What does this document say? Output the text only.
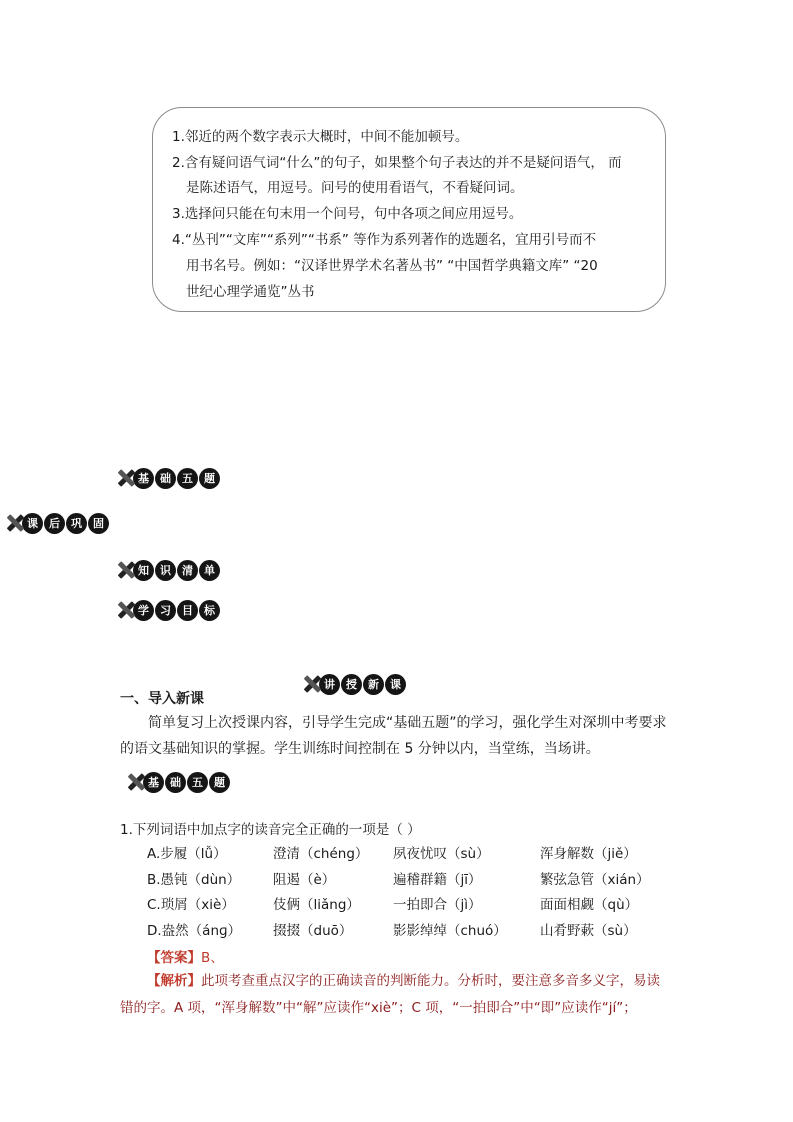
1.邻近的两个数字表示大概时，中间不能加顿号。
2.含有疑问语气词“什么”的句子，如果整个句子表达的并不是疑问语气， 而
是陈述语气，用逗号。问号的使用看语气，不看疑问词。
3.选择问只能在句末用一个问号，句中各项之间应用逗号。
4.“丛刊”“文库”“系列”“书系” 等作为系列著作的选题名，宜用引号而不
用书名号。例如：“汉译世界学术名著丛书” “中国哲学典籍文库” “20
世纪心理学通览”丛书
基	础	五	题
课	后	巩	固
知	识	清	单
学	习	目	标
讲	授	新	课
一、导入新课
简单复习上次授课内容，引导学生完成“基础五题”的学习，强化学生对深圳中考要求
的语文基础知识的掌握。学生训练时间控制在 5 分钟以内，当堂练，当场讲。
基	础	五	题
1.下列词语中加点字的读音完全正确的一项是（ ）
A.步履（lǚ）	澄清（chéng） 夙夜忧叹（sù）	浑身解数（jiě）
B.愚钝（dùn） 阻遏（è）	遍稽群籍（jī）	繁弦急管（xián）
C.琐屑（xiè）	伎俩（liǎng） 一拍即合（jì）	面面相觑（qù）
D.盎然（ánɡ） 掇掇（duō）	影影绰绰（chuó） 山肴野蔌（sù）
【答案】B、
【解析】此项考查重点汉字的正确读音的判断能力。分析时，要注意多音多义字，易读
错的字。A 项，“浑身解数”中“解”应读作“xiè”；C 项，“一拍即合”中“即”应读作“jí”；
